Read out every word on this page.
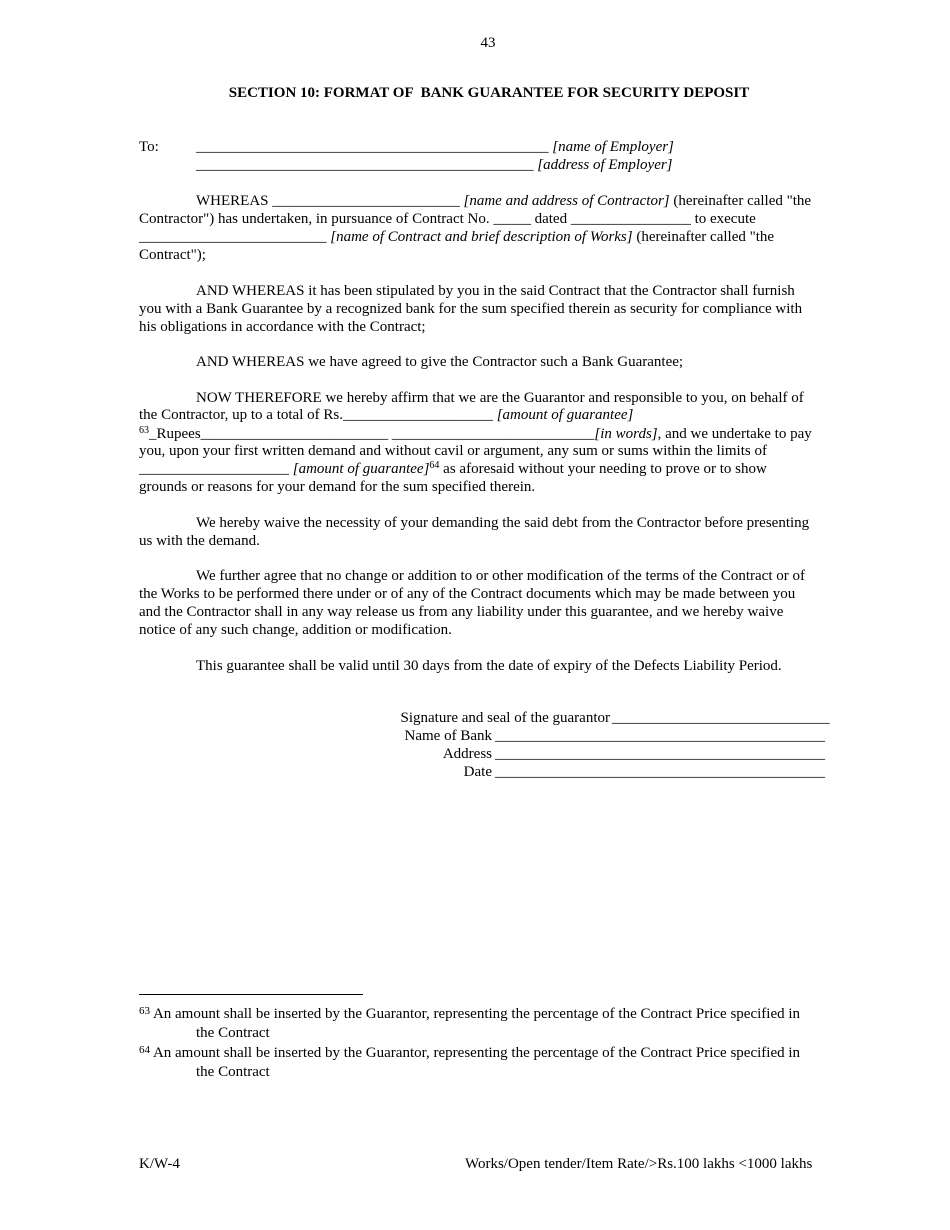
43
SECTION 10: FORMAT OF  BANK GUARANTEE FOR SECURITY DEPOSIT
To: _______________________________________________ [name of Employer]
_____________________________________________ [address of Employer]
WHEREAS _________________________ [name and address of Contractor] (hereinafter called "the
Contractor") has undertaken, in pursuance of Contract No. _____ dated ________________ to execute
_________________________ [name of Contract and brief description of Works] (hereinafter called "the
Contract");
AND WHEREAS it has been stipulated by you in the said Contract that the Contractor shall furnish
you with a Bank Guarantee by a recognized bank for the sum specified therein as security for compliance with
his obligations in accordance with the Contract;
AND WHEREAS we have agreed to give the Contractor such a Bank Guarantee;
NOW THEREFORE we hereby affirm that we are the Guarantor and responsible to you, on behalf of
the Contractor, up to a total of Rs.____________________ [amount of guarantee]
$^{63}$_Rupees_________________________ ___________________________[in words], and we undertake to pay
you, upon your first written demand and without cavil or argument, any sum or sums within the limits of
____________________ [amount of guarantee]$^{64}$ as aforesaid without your needing to prove or to show
grounds or reasons for your demand for the sum specified therein.
We hereby waive the necessity of your demanding the said debt from the Contractor before presenting
us with the demand.
We further agree that no change or addition to or other modification of the terms of the Contract or of
the Works to be performed there under or of any of the Contract documents which may be made between you
and the Contractor shall in any way release us from any liability under this guarantee, and we hereby waive
notice of any such change, addition or modification.
This guarantee shall be valid until 30 days from the date of expiry of the Defects Liability Period.
Signature and seal of the guarantor _____________________________
Name of Bank ____________________________________________
Address ____________________________________________
Date ____________________________________________
$^{63}$ An amount shall be inserted by the Guarantor, representing the percentage of the Contract Price specified in
the Contract
$^{64}$ An amount shall be inserted by the Guarantor, representing the percentage of the Contract Price specified in
the Contract
K/W-4	Works/Open tender/Item Rate/>Rs.100 lakhs <1000 lakhs
